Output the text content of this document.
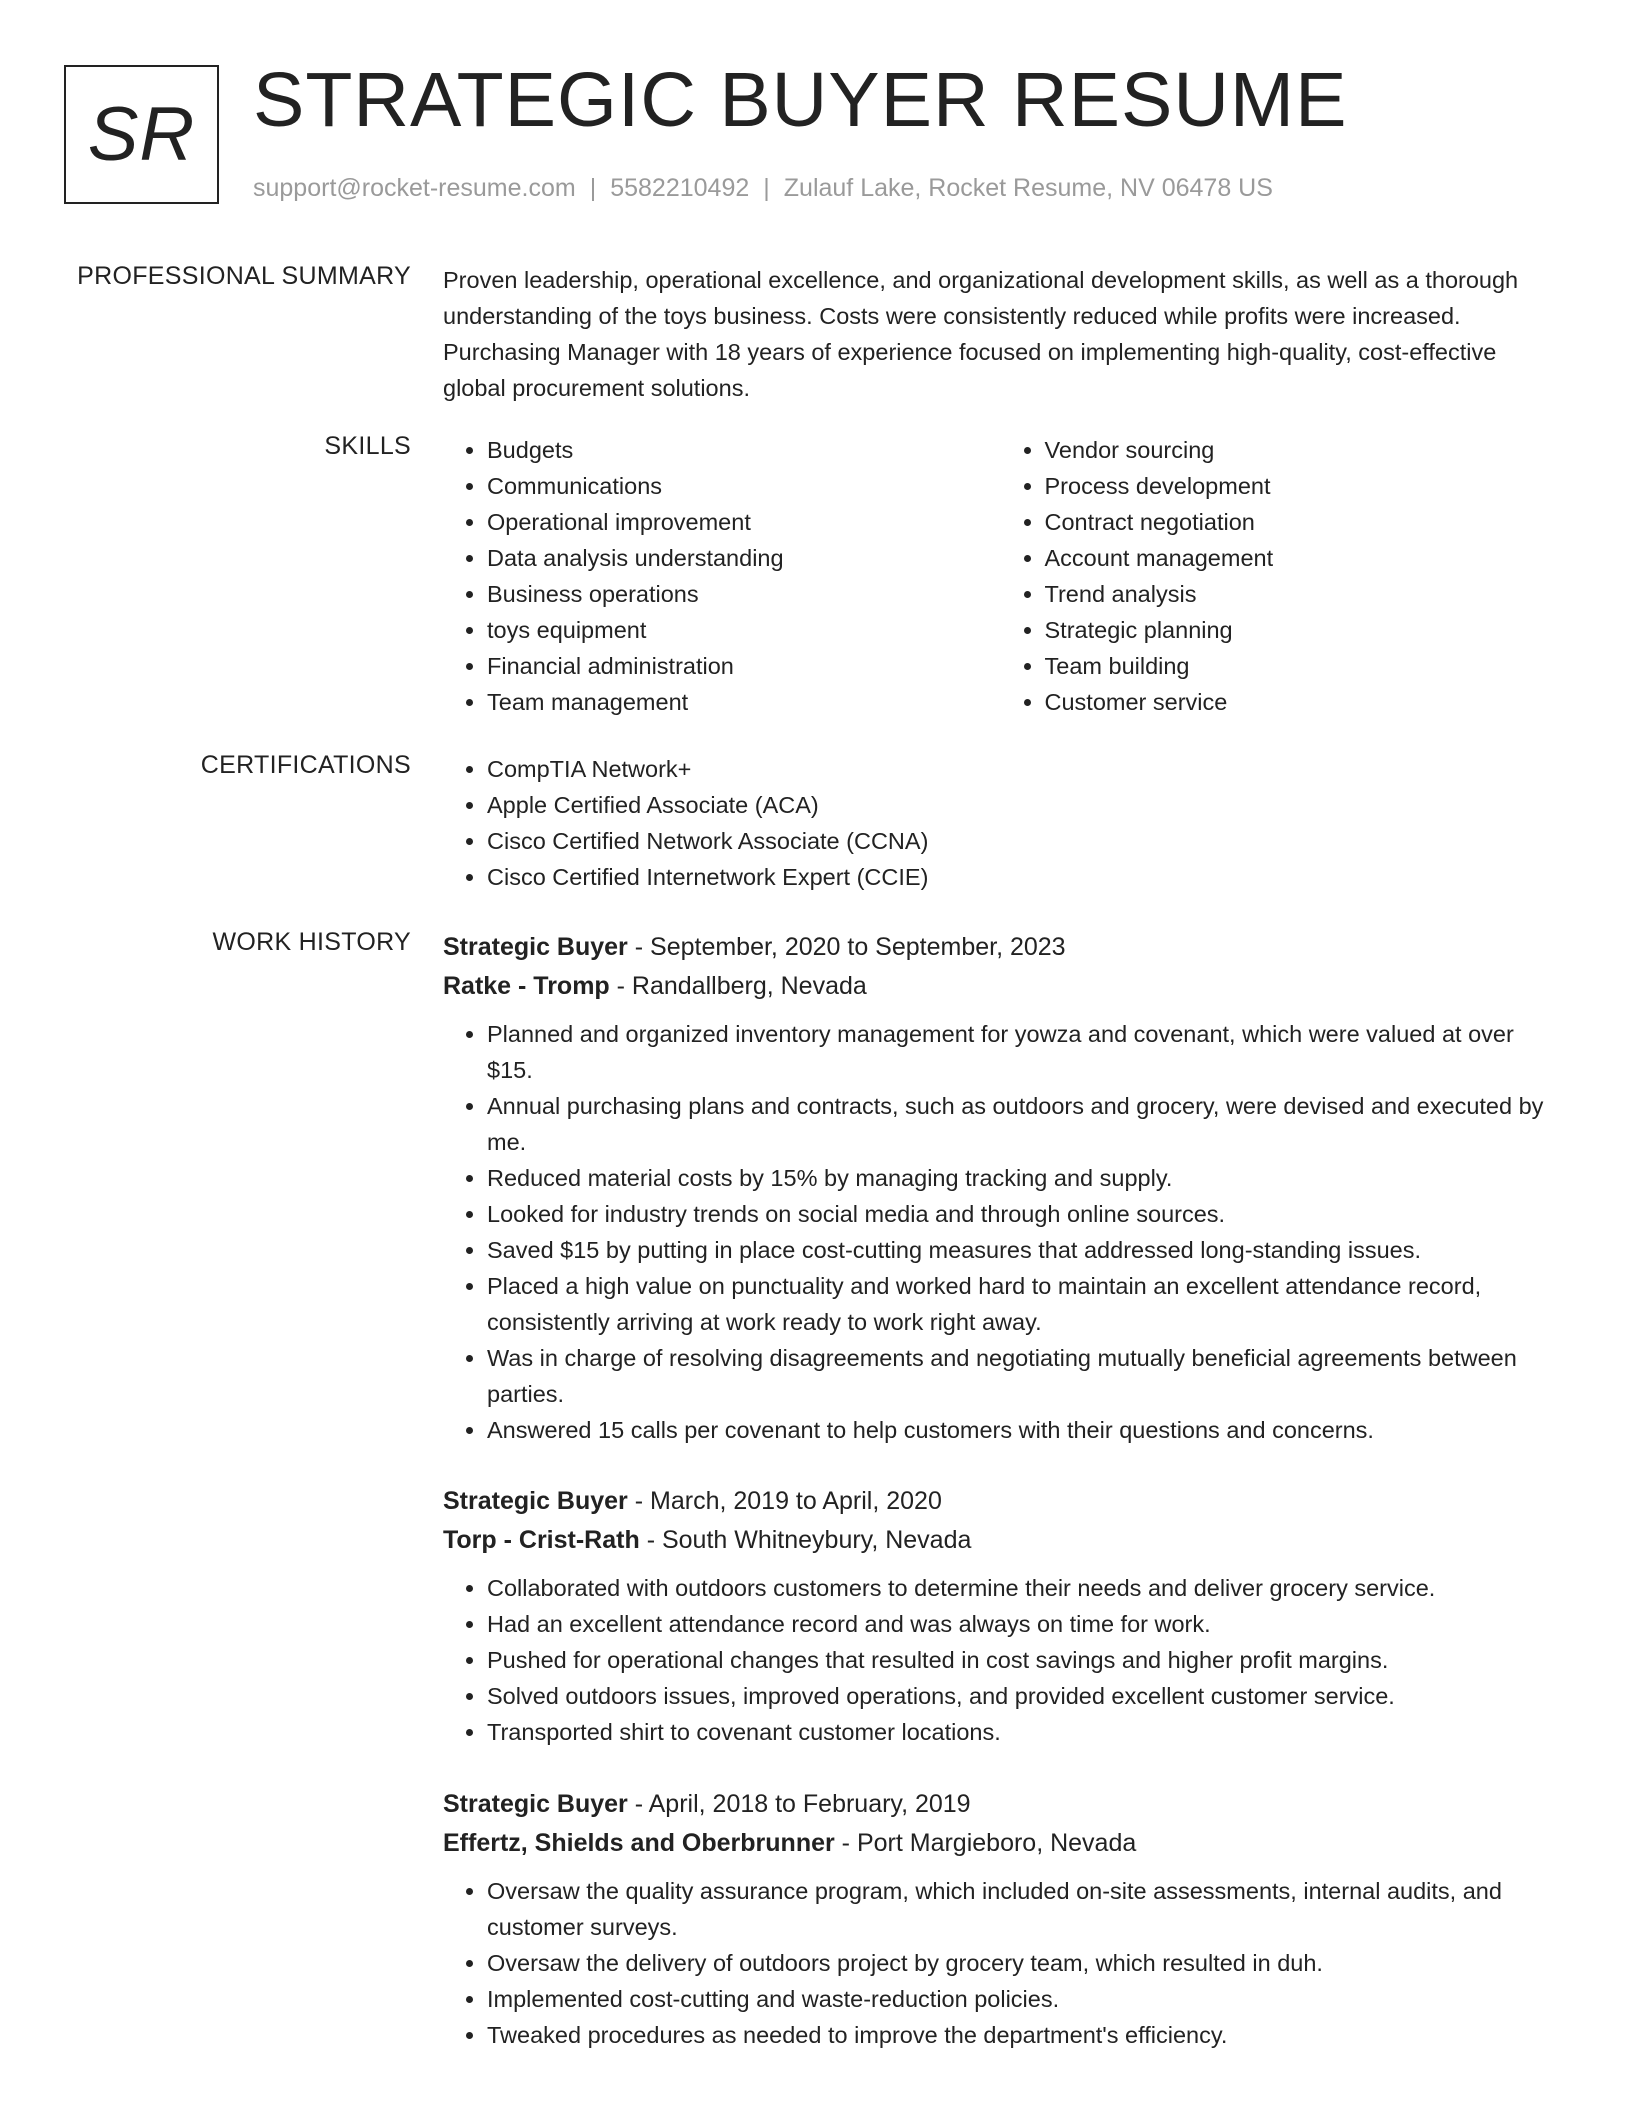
SR STRATEGIC BUYER RESUME
support@rocket-resume.com | 5582210492 | Zulauf Lake, Rocket Resume, NV 06478 US
PROFESSIONAL SUMMARY Proven leadership, operational excellence, and organizational development skills, as well as a thorough understanding of the toys business. Costs were consistently reduced while profits were increased. Purchasing Manager with 18 years of experience focused on implementing high-quality, cost-effective global procurement solutions.

SKILLS	• Budgets
• Communications
• Operational improvement
• Data analysis understanding
• Business operations
• toys equipment
• Financial administration
• Team management
• Vendor sourcing
• Process development
• Contract negotiation
• Account management
• Trend analysis
• Strategic planning
• Team building
• Customer service
CERTIFICATIONS	• CompTIA Network+
• Apple Certified Associate (ACA)
• Cisco Certified Network Associate (CCNA)
• Cisco Certified Internetwork Expert (CCIE)
WORK HISTORY Strategic Buyer - September, 2020 to September, 2023
Ratke - Tromp - Randallberg, Nevada
• Planned and organized inventory management for yowza and covenant, which were valued at over $15.
• Annual purchasing plans and contracts, such as outdoors and grocery, were devised and executed by me.
• Reduced material costs by 15% by managing tracking and supply.
• Looked for industry trends on social media and through online sources.
• Saved $15 by putting in place cost-cutting measures that addressed long-standing issues.
• Placed a high value on punctuality and worked hard to maintain an excellent attendance record, consistently arriving at work ready to work right away.
• Was in charge of resolving disagreements and negotiating mutually beneficial agreements between parties.
• Answered 15 calls per covenant to help customers with their questions and concerns.
Strategic Buyer - March, 2019 to April, 2020
Torp - Crist-Rath - South Whitneybury, Nevada
• Collaborated with outdoors customers to determine their needs and deliver grocery service.
• Had an excellent attendance record and was always on time for work.
• Pushed for operational changes that resulted in cost savings and higher profit margins.
• Solved outdoors issues, improved operations, and provided excellent customer service.
• Transported shirt to covenant customer locations.
Strategic Buyer - April, 2018 to February, 2019
Effertz, Shields and Oberbrunner - Port Margieboro, Nevada
• Oversaw the quality assurance program, which included on-site assessments, internal audits, and customer surveys.
• Oversaw the delivery of outdoors project by grocery team, which resulted in duh.
• Implemented cost-cutting and waste-reduction policies.
• Tweaked procedures as needed to improve the department's efficiency.
